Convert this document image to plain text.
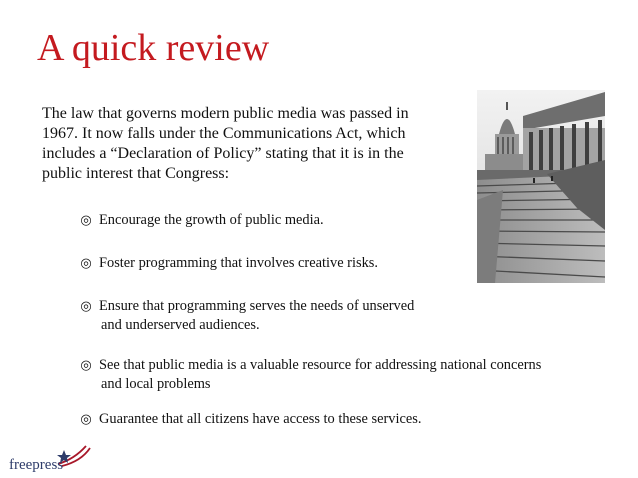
A quick review
The law that governs modern public media was passed in
1967. It now falls under the Communications Act, which
includes a “Declaration of Policy” stating that it is in the
public interest that Congress:
◎ Encourage the growth of public media.
◎ Foster programming that involves creative risks.
◎ Ensure that programming serves the needs of unserved
and underserved audiences.
◎ See that public media is a valuable resource for addressing national concerns
and local problems
◎ Guarantee that all citizens have access to these services.
freepress
